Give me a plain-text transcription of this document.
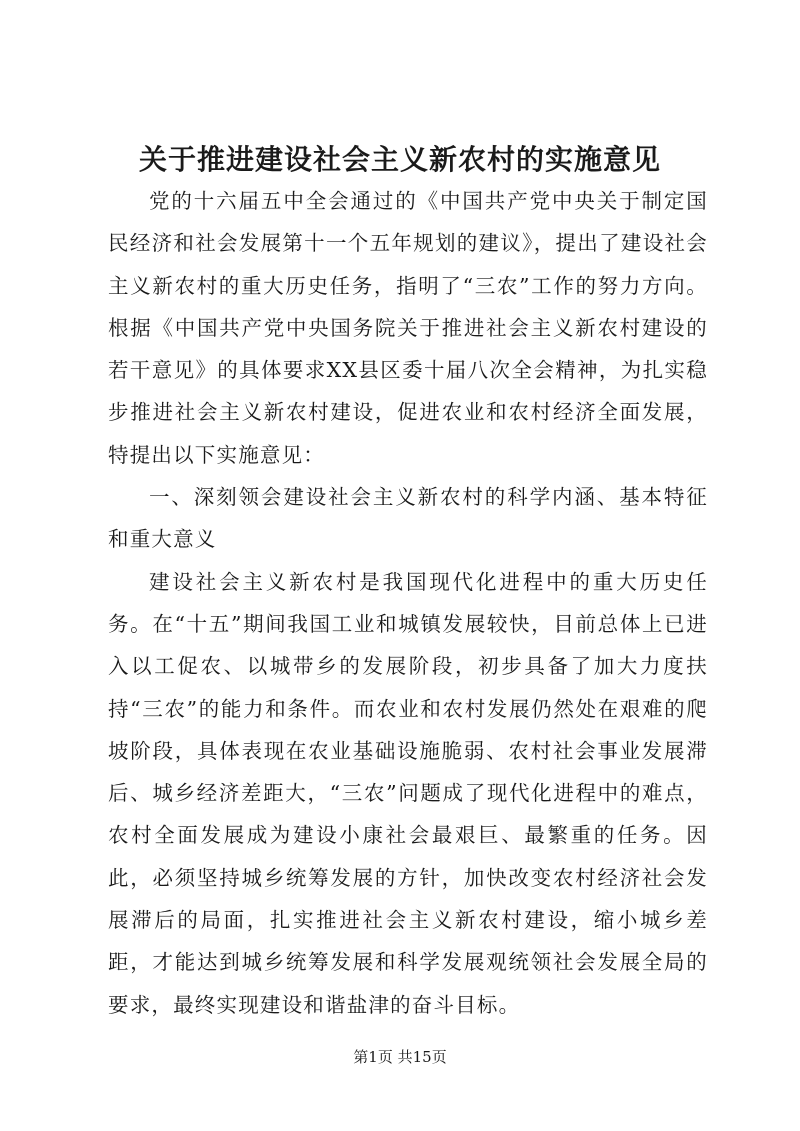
关于推进建设社会主义新农村的实施意见

党的十六届五中全会通过的《中国共产党中央关于制定国民经济和社会发展第十一个五年规划的建议》，提出了建设社会主义新农村的重大历史任务，指明了“三农”工作的努力方向。根据《中国共产党中央国务院关于推进社会主义新农村建设的若干意见》的具体要求XX县区委十届八次全会精神，为扎实稳步推进社会主义新农村建设，促进农业和农村经济全面发展，特提出以下实施意见：

一、深刻领会建设社会主义新农村的科学内涵、基本特征和重大意义

建设社会主义新农村是我国现代化进程中的重大历史任务。在“十五”期间我国工业和城镇发展较快，目前总体上已进入以工促农、以城带乡的发展阶段，初步具备了加大力度扶持“三农”的能力和条件。而农业和农村发展仍然处在艰难的爬坡阶段，具体表现在农业基础设施脆弱、农村社会事业发展滞后、城乡经济差距大，“三农”问题成了现代化进程中的难点，农村全面发展成为建设小康社会最艰巨、最繁重的任务。因此，必须坚持城乡统筹发展的方针，加快改变农村经济社会发展滞后的局面，扎实推进社会主义新农村建设，缩小城乡差距，才能达到城乡统筹发展和科学发展观统领社会发展全局的要求，最终实现建设和谐盐津的奋斗目标。

第1页 共15页
